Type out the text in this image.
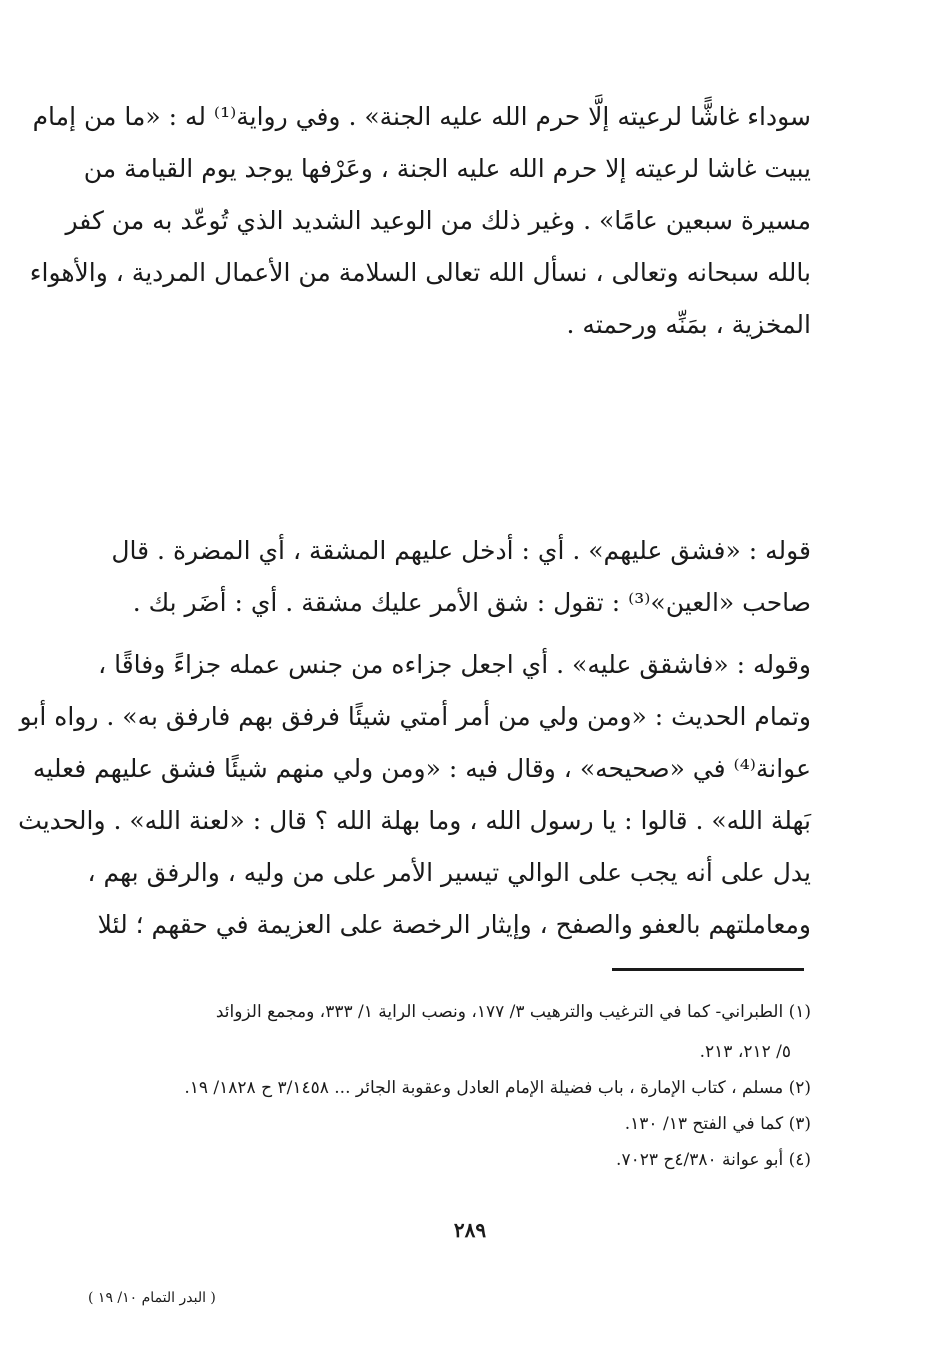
سوداء غاشًّا لرعيته إلَّا حرم الله عليه الجنة» . وفي رواية⁽¹⁾ له : «ما من إمام
يبيت غاشا لرعيته إلا حرم الله عليه الجنة ، وعَرْفها يوجد يوم القيامة من
مسيرة سبعين عامًا» . وغير ذلك من الوعيد الشديد الذي تُوعّد به من كفر
بالله سبحانه وتعالى ، نسأل الله تعالى السلامة من الأعمال المردية ، والأهواء
المخزية ، بمَنِّه ورحمته .
قوله : «فشق عليهم» . أي : أدخل عليهم المشقة ، أي المضرة . قال
صاحب «العين»⁽³⁾ : تقول : شق الأمر عليك مشقة . أي : أضَر بك .
وقوله : «فاشقق عليه» . أي اجعل جزاءه من جنس عمله جزاءً وفاقًا ،
وتمام الحديث : «ومن ولي من أمر أمتي شيئًا فرفق بهم فارفق به» . رواه أبو
عوانة⁽⁴⁾ في «صحيحه» ، وقال فيه : «ومن ولي منهم شيئًا فشق عليهم فعليه
بَهلة الله» . قالوا : يا رسول الله ، وما بهلة الله ؟ قال : «لعنة الله» . والحديث
يدل على أنه يجب على الوالي تيسير الأمر على من وليه ، والرفق بهم ،
ومعاملتهم بالعفو والصفح ، وإيثار الرخصة على العزيمة في حقهم ؛ لئلا
(١) الطبراني- كما في الترغيب والترهيب ٣/ ١٧٧، ونصب الراية ١/ ٣٣٣، ومجمع الزوائد
٥/ ٢١٢، ٢١٣.
(٢) مسلم ، كتاب الإمارة ، باب فضيلة الإمام العادل وعقوبة الجائر ... ٣/١٤٥٨ ح ١٨٢٨/ ١٩.
(٣) كما في الفتح ١٣/ ١٣٠.
(٤) أبو عوانة ٤/٣٨٠ح ٧٠٢٣.
٢٨٩
( البدر التمام ١٠/ ١٩ )
